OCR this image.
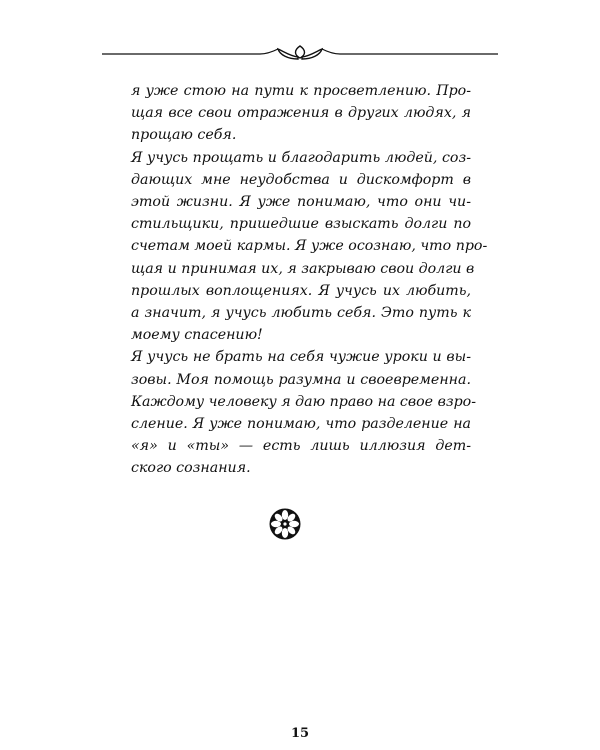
я уже стою на пути к просветлению. Про-
щая все свои отражения в других людях, я
прощаю себя.
Я учусь прощать и благодарить людей, соз-
дающих мне неудобства и дискомфорт в
этой жизни. Я уже понимаю, что они чи-
стильщики, пришедшие взыскать долги по
счетам моей кармы. Я уже осознаю, что про-
щая и принимая их, я закрываю свои долги в
прошлых воплощениях. Я учусь их любить,
а значит, я учусь любить себя. Это путь к
моему спасению!
Я учусь не брать на себя чужие уроки и вы-
зовы. Моя помощь разумна и своевременна.
Каждому человеку я даю право на свое взро-
сление. Я уже понимаю, что разделение на
«я» и «ты» — есть лишь иллюзия дет-
ского сознания.
15
